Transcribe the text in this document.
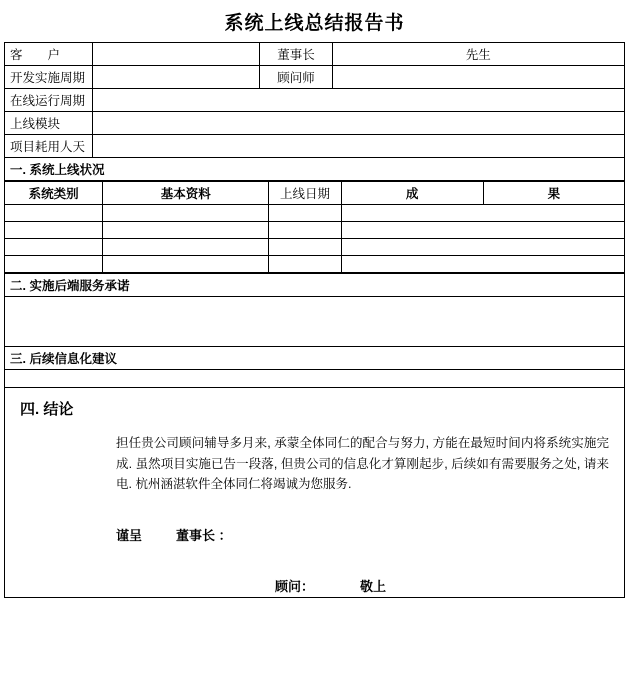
系统上线总结报告书
客　　户		董事长	先生
开发实施周期		顾问师	
在线运行周期			
上线模块			
项目耗用人天			
一. 系统上线状况			
系统类别	基本资料	上线日期	成	果

二. 实施后端服务承诺

三. 后续信息化建议

四. 结论
担任贵公司顾问辅导多月来, 承蒙全体同仁的配合与努力, 方能在最短时间内将系统实施完成. 虽然项目实施已告一段落, 但贵公司的信息化才算刚起步, 后续如有需要服务之处, 请来电. 杭州涵湛软件全体同仁将竭诚为您服务.
谨呈	董事长 ：
顾问：	敬上
